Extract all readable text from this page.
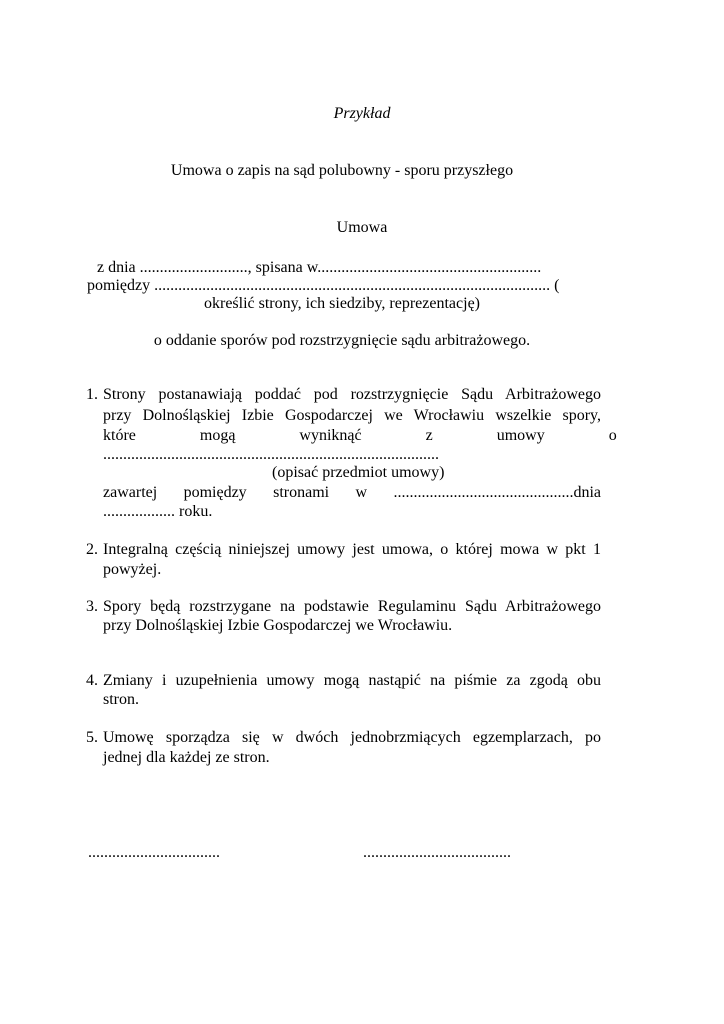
Przykład
Umowa o zapis na sąd polubowny - sporu przyszłego
Umowa
z dnia ..........................., spisana w........................................................
pomiędzy ................................................................................................... (
określić strony, ich siedziby, reprezentację)
o oddanie sporów pod rozstrzygnięcie sądu arbitrażowego.
1. Strony postanawiają poddać pod rozstrzygnięcie Sądu Arbitrażowego
przy Dolnośląskiej Izbie Gospodarczej we Wrocławiu wszelkie spory,
które mogą wyniknąć z umowy o
....................................................................................
(opisać przedmiot umowy)
zawartej pomiędzy stronami w .............................................dnia
.................. roku.
2. Integralną częścią niniejszej umowy jest umowa, o której mowa w pkt 1
powyżej.
3. Spory będą rozstrzygane na podstawie Regulaminu Sądu Arbitrażowego
przy Dolnośląskiej Izbie Gospodarczej we Wrocławiu.
4. Zmiany i uzupełnienia umowy mogą nastąpić na piśmie za zgodą obu
stron.
5. Umowę sporządza się w dwóch jednobrzmiących egzemplarzach, po
jednej dla każdej ze stron.
.................................	.....................................
